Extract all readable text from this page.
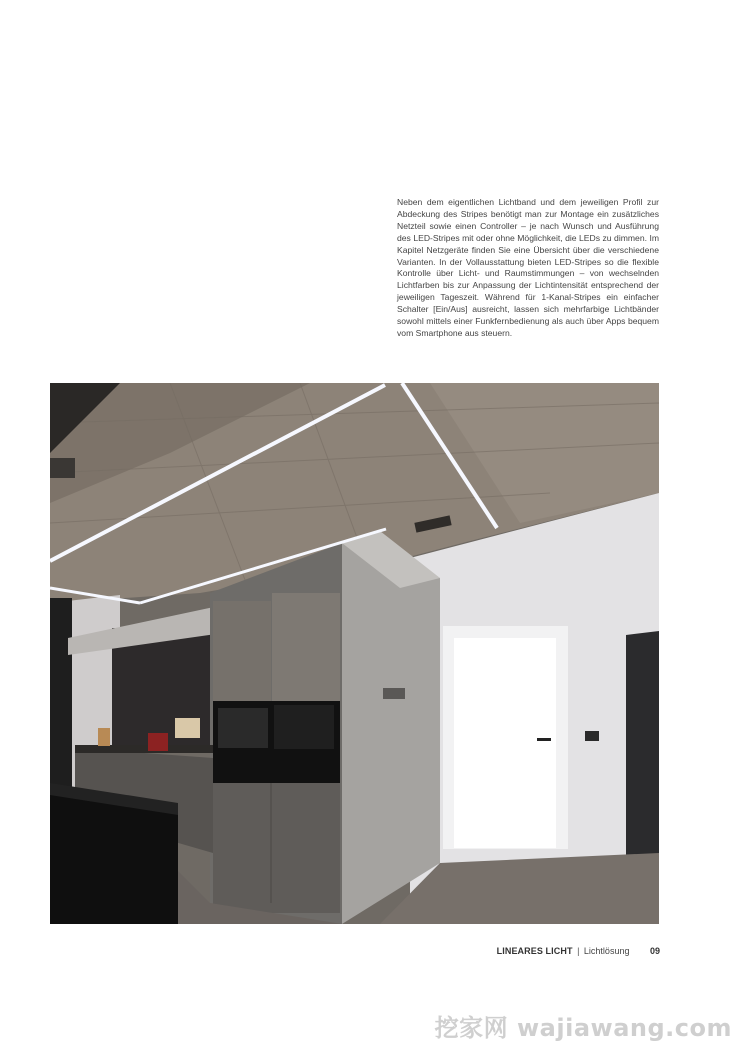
Neben dem eigentlichen Lichtband und dem jeweiligen Profil zur Abdeckung des Stripes benötigt man zur Montage ein zusätzliches Netzteil sowie einen Controller – je nach Wunsch und Ausführung des LED-Stripes mit oder ohne Möglichkeit, die LEDs zu dimmen. Im Kapitel Netzgeräte finden Sie eine Übersicht über die verschiedene Varianten. In der Vollausstattung bieten LED-Stripes so die flexible Kontrolle über Licht- und Raumstimmungen – von wechselnden Lichtfarben bis zur Anpassung der Lichtintensität entsprechend der jeweiligen Tageszeit. Während für 1-Kanal-Stripes ein einfacher Schalter [Ein/Aus] ausreicht, lassen sich mehrfarbige Lichtbänder sowohl mittels einer Funkfernbedienung als auch über Apps bequem vom Smartphone aus steuern.

LINEARES LICHT | Lichtlösung 09
挖家网 wajiawang.com
